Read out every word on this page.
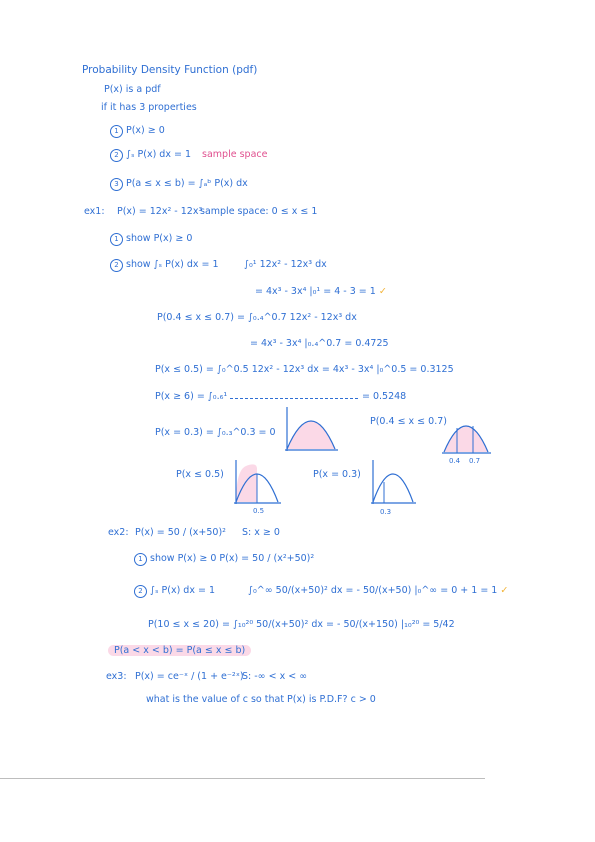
Probability Density Function (pdf)
P(x) is a pdf
if it has 3 properties
1 P(x) ≥ 0
2 ∫ₛ P(x) dx = 1 sample space
3 P(a ≤ x ≤ b) = ∫ₐᵇ P(x) dx
ex1: P(x) = 12x² - 12x³
sample space: 0 ≤ x ≤ 1
1 show P(x) ≥ 0
2 show ∫ₛ P(x) dx = 1	∫₀¹ 12x² - 12x³ dx
= 4x³ - 3x⁴ |₀¹ = 4 - 3 = 1 ✓
P(0.4 ≤ x ≤ 0.7) = ∫₀.₄^0.7 12x² - 12x³ dx
= 4x³ - 3x⁴ |₀.₄^0.7 = 0.4725
P(x ≤ 0.5) = ∫₀^0.5 12x² - 12x³ dx = 4x³ - 3x⁴ |₀^0.5 = 0.3125
P(x ≥ 6) = ∫₀.₆¹	= 0.5248
P(x = 0.3) = ∫₀.₃^0.3 = 0
P(0.4 ≤ x ≤ 0.7)
0.4 0.7
P(x ≤ 0.5)
0.5
P(x = 0.3)
0.3
ex2: P(x) = 50 / (x+50)² S: x ≥ 0
1 show P(x) ≥ 0 P(x) = 50 / (x²+50)²
2 ∫ₛ P(x) dx = 1	∫₀^∞ 50/(x+50)² dx = - 50/(x+50) |₀^∞ = 0 + 1 = 1 ✓
P(10 ≤ x ≤ 20) = ∫₁₀²⁰ 50/(x+50)² dx = - 50/(x+150) |₁₀²⁰ = 5/42
P(a < x < b) = P(a ≤ x ≤ b)
ex3: P(x) = ce⁻ˣ / (1 + e⁻²ˣ)
S: -∞ < x < ∞
what is the value of c so that P(x) is P.D.F? c > 0
